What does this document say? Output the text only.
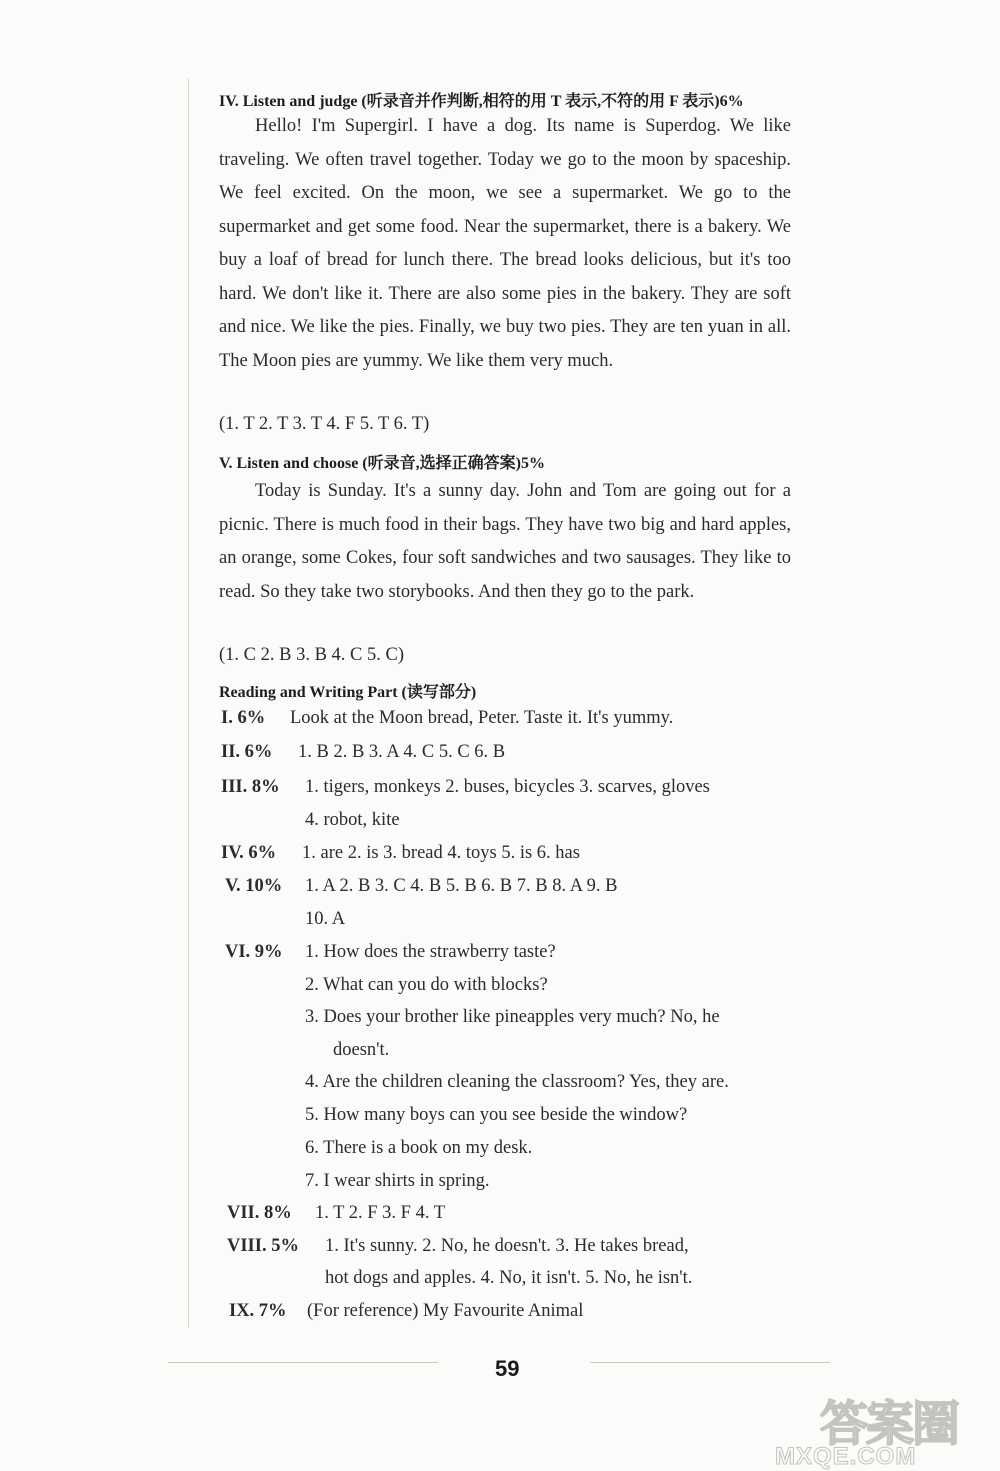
IV. Listen and judge (听录音并作判断,相符的用 T 表示,不符的用 F 表示)6%

Hello! I'm Supergirl. I have a dog. Its name is Superdog. We like traveling. We often travel together. Today we go to the moon by spaceship. We feel excited. On the moon, we see a supermarket. We go to the supermarket and get some food. Near the supermarket, there is a bakery. We buy a loaf of bread for lunch there. The bread looks delicious, but it's too hard. We don't like it. There are also some pies in the bakery. They are soft and nice. We like the pies. Finally, we buy two pies. They are ten yuan in all. The Moon pies are yummy. We like them very much.

(1. T 2. T 3. T 4. F 5. T 6. T)
V. Listen and choose (听录音,选择正确答案)5%

Today is Sunday. It's a sunny day. John and Tom are going out for a picnic. There is much food in their bags. They have two big and hard apples, an orange, some Cokes, four soft sandwiches and two sausages. They like to read. So they take two storybooks. And then they go to the park.

(1. C 2. B 3. B 4. C 5. C)
Reading and Writing Part (读写部分)
I. 6% Look at the Moon bread, Peter. Taste it. It's yummy.
II. 6% 1. B 2. B 3. A 4. C 5. C 6. B
III. 8% 1. tigers, monkeys 2. buses, bicycles 3. scarves, gloves
4. robot, kite
IV. 6% 1. are 2. is 3. bread 4. toys 5. is 6. has
V. 10% 1. A 2. B 3. C 4. B 5. B 6. B 7. B 8. A 9. B
10. A
VI. 9% 1. How does the strawberry taste?
2. What can you do with blocks?
3. Does your brother like pineapples very much? No, he
doesn't.
4. Are the children cleaning the classroom? Yes, they are.
5. How many boys can you see beside the window?
6. There is a book on my desk.
7. I wear shirts in spring.
VII. 8% 1. T 2. F 3. F 4. T
VIII. 5% 1. It's sunny. 2. No, he doesn't. 3. He takes bread,
hot dogs and apples. 4. No, it isn't. 5. No, he isn't.
IX. 7% (For reference) My Favourite Animal
59
答案圈
MXQE.COM
